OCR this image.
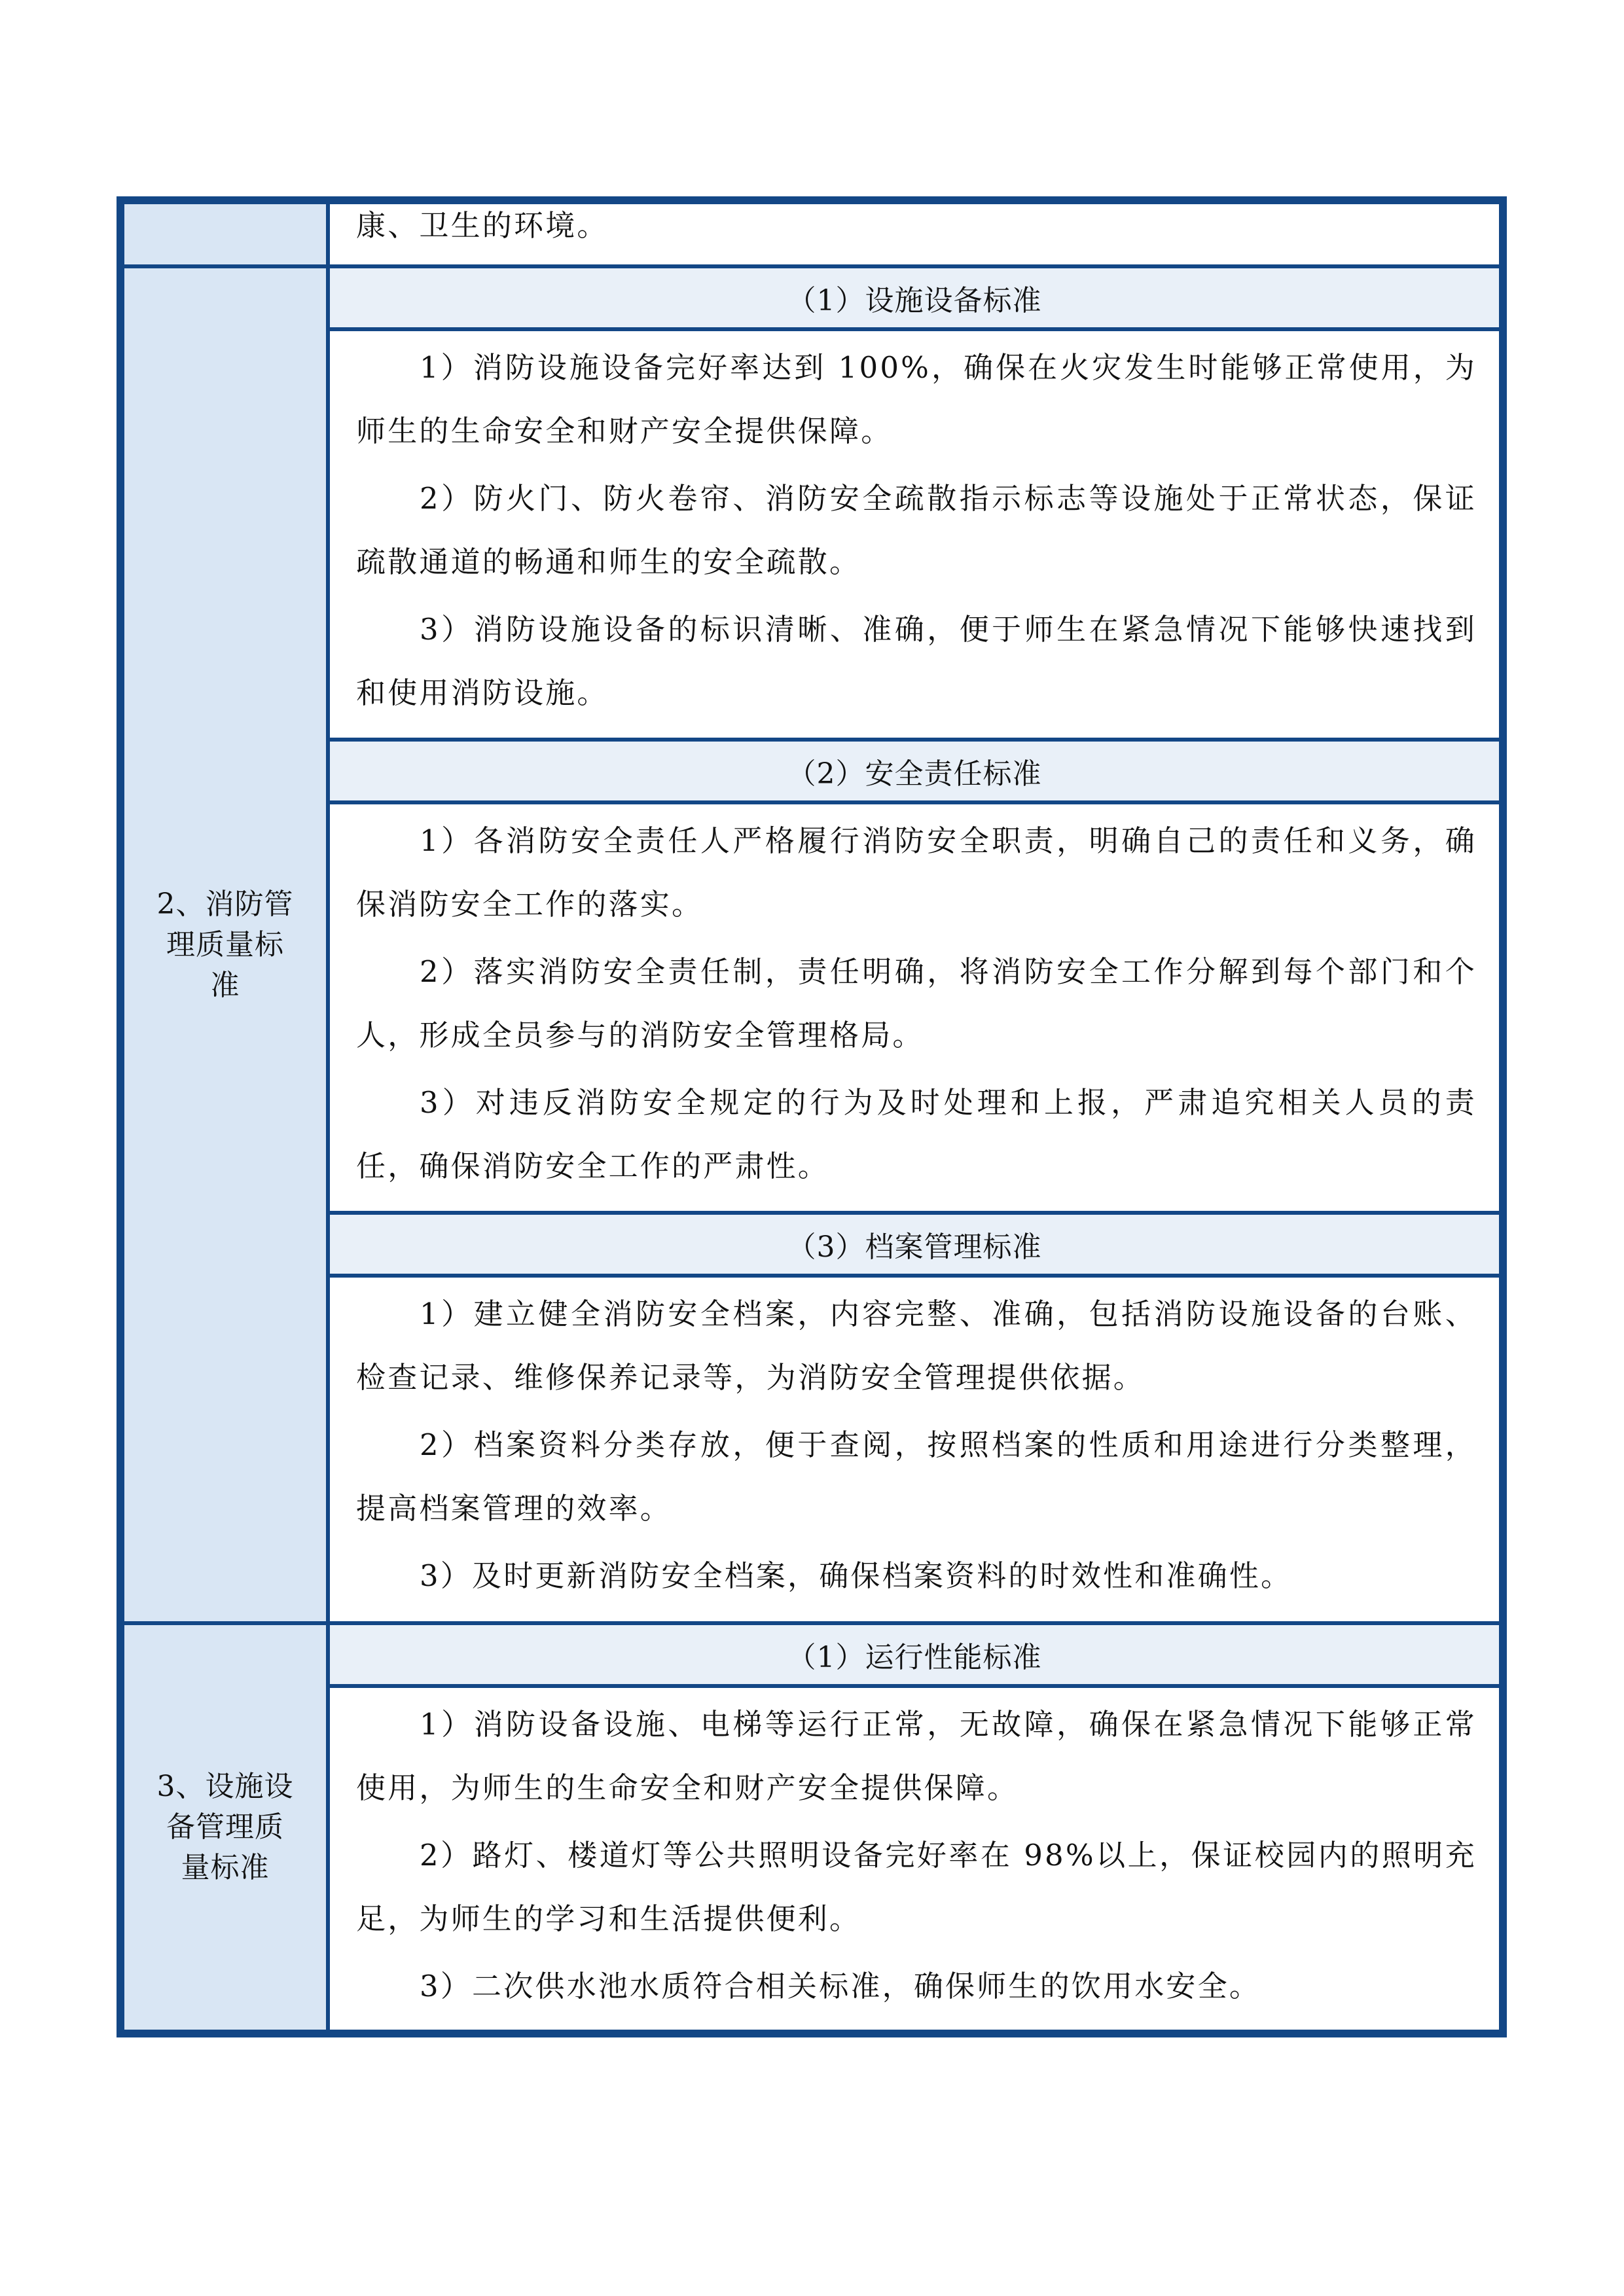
康、卫生的环境。

2、消防管
理质量标
准
（1）设施设备标准

1）消防设施设备完好率达到 100%，确保在火灾发生时能够正常使用，为师生的生命安全和财产安全提供保障。

2）防火门、防火卷帘、消防安全疏散指示标志等设施处于正常状态，保证疏散通道的畅通和师生的安全疏散。

3）消防设施设备的标识清晰、准确，便于师生在紧急情况下能够快速找到和使用消防设施。

（2）安全责任标准

1）各消防安全责任人严格履行消防安全职责，明确自己的责任和义务，确保消防安全工作的落实。

2）落实消防安全责任制，责任明确，将消防安全工作分解到每个部门和个人，形成全员参与的消防安全管理格局。

3）对违反消防安全规定的行为及时处理和上报，严肃追究相关人员的责任，确保消防安全工作的严肃性。

（3）档案管理标准

1）建立健全消防安全档案，内容完整、准确，包括消防设施设备的台账、检查记录、维修保养记录等，为消防安全管理提供依据。

2）档案资料分类存放，便于查阅，按照档案的性质和用途进行分类整理，提高档案管理的效率。

3）及时更新消防安全档案，确保档案资料的时效性和准确性。

3、设施设
备管理质
量标准
（1）运行性能标准

1）消防设备设施、电梯等运行正常，无故障，确保在紧急情况下能够正常使用，为师生的生命安全和财产安全提供保障。

2）路灯、楼道灯等公共照明设备完好率在 98%以上，保证校园内的照明充足，为师生的学习和生活提供便利。

3）二次供水池水质符合相关标准，确保师生的饮用水安全。
